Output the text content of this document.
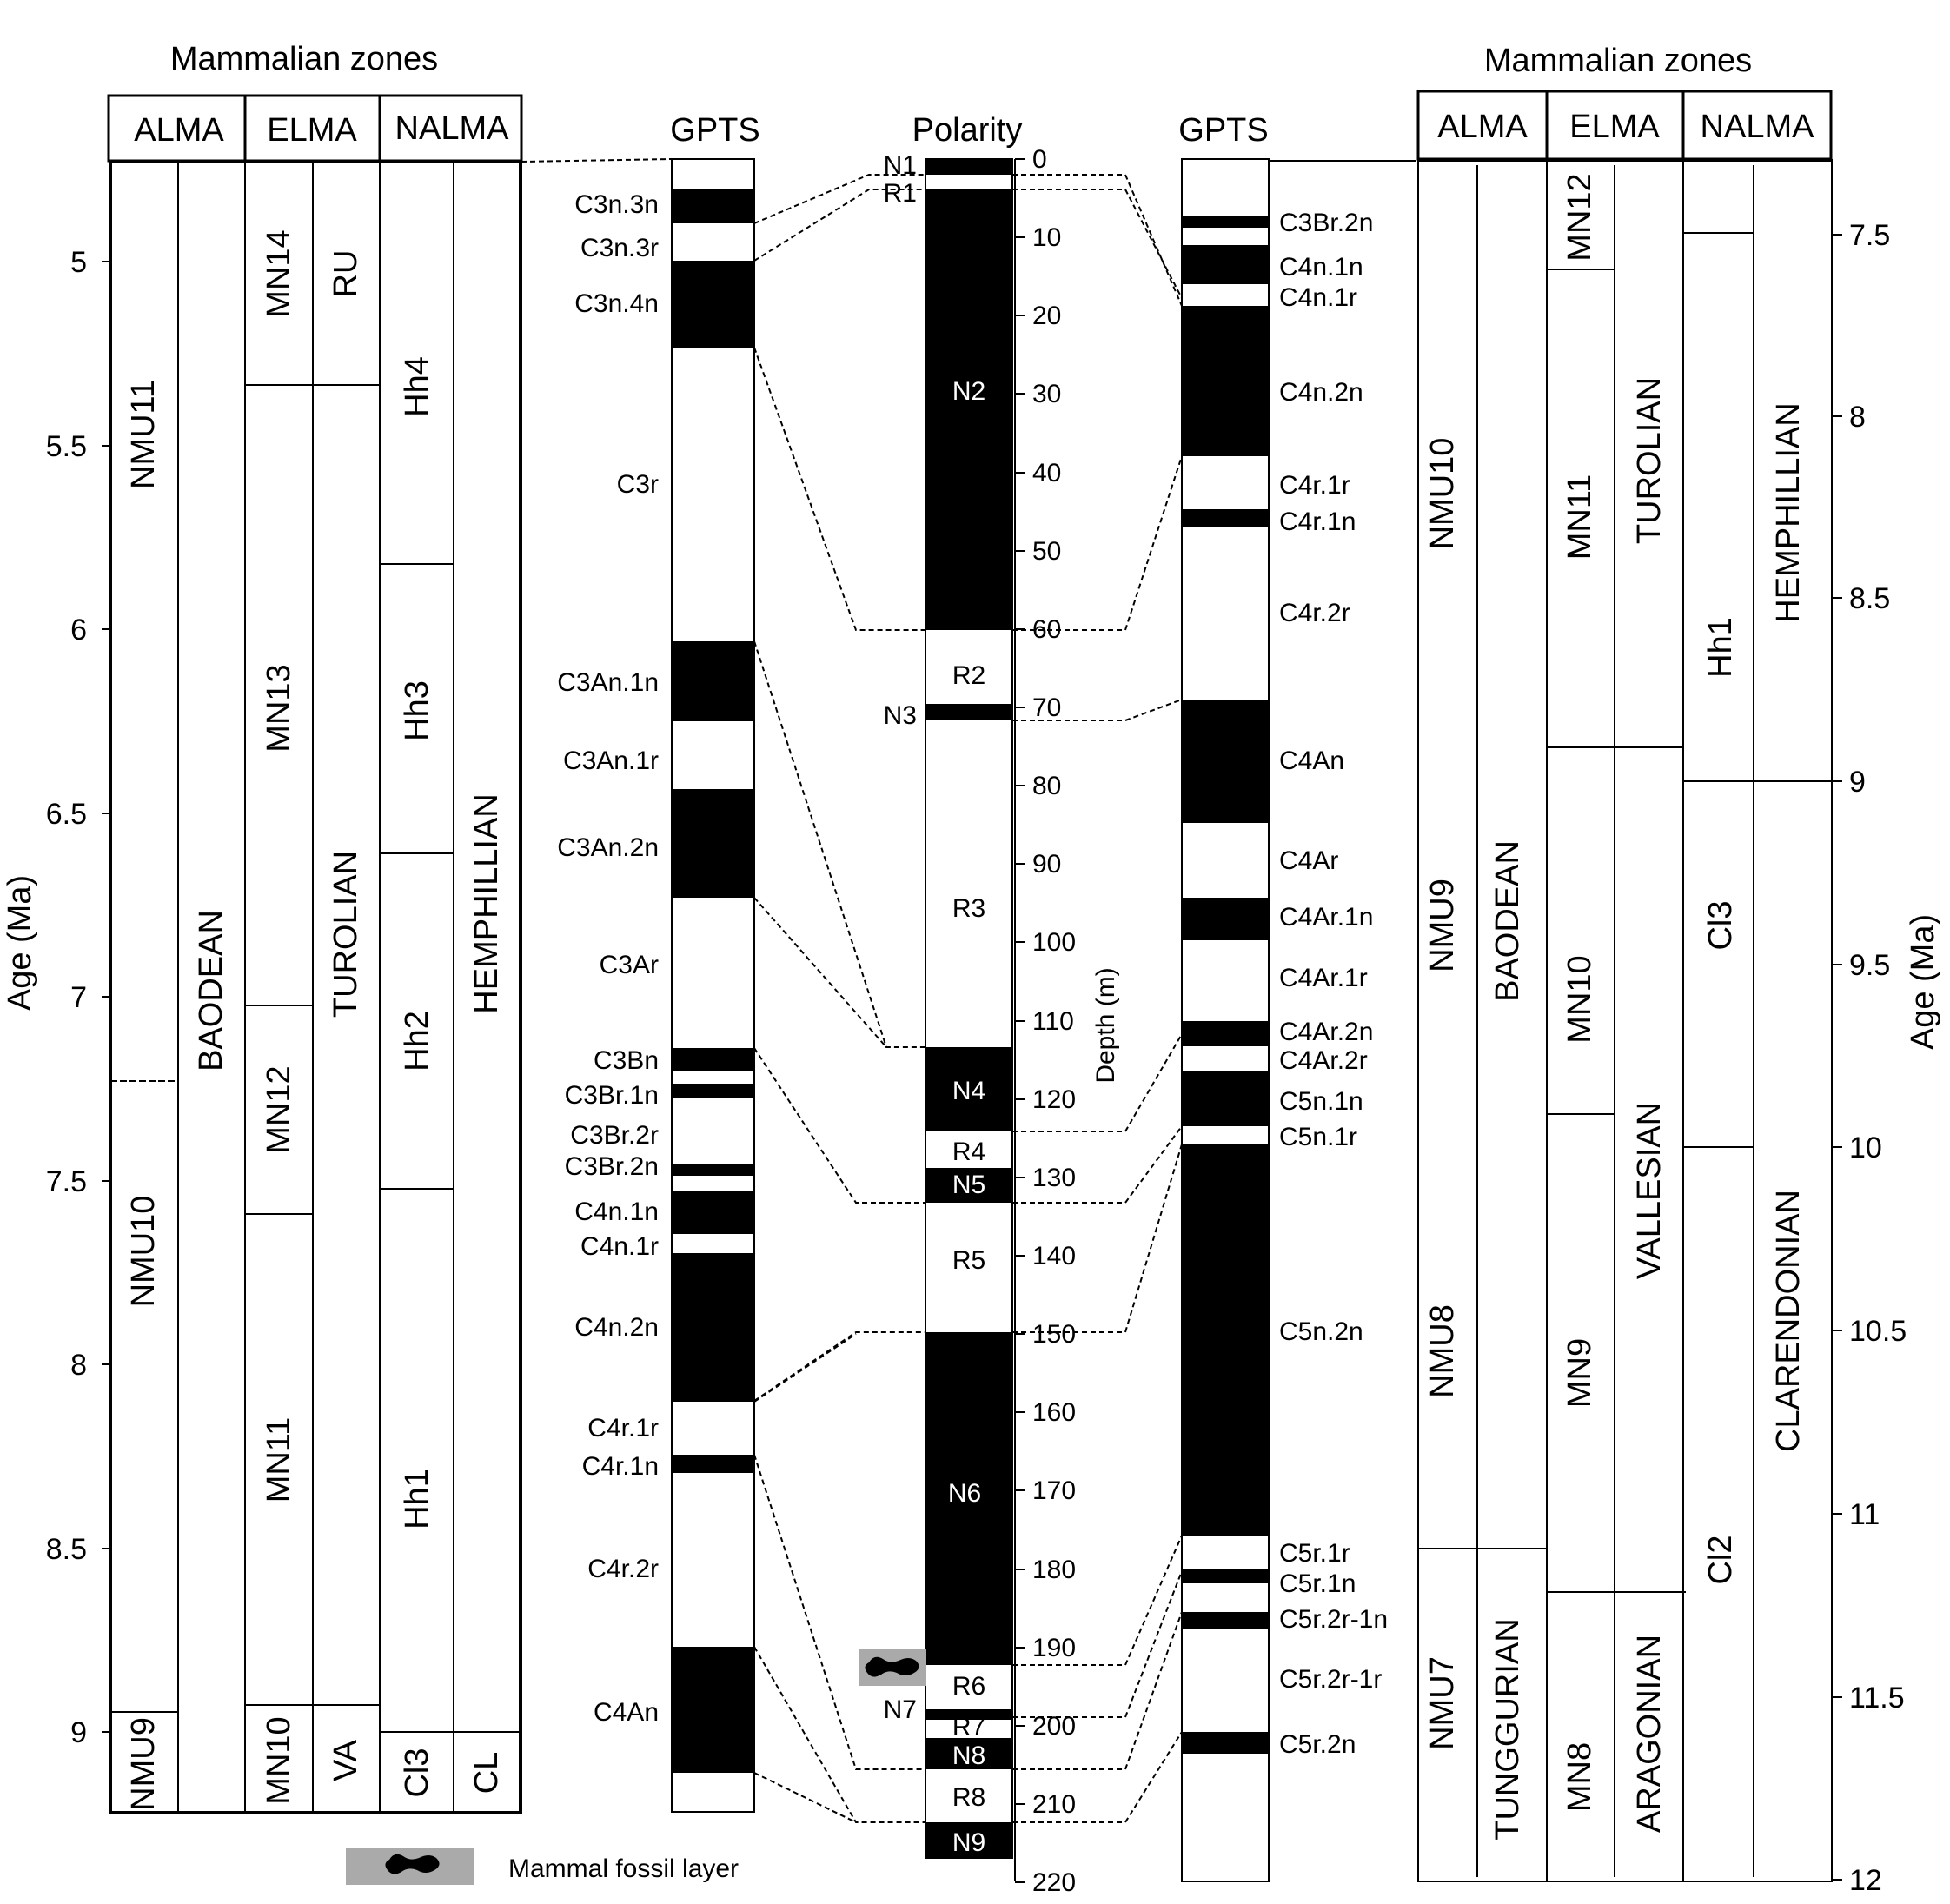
Mammalian zones
ALMA ELMA NALMA
NMU11
NMU10
NMU9
BAODEAN
MN14
MN13
MN12
MN11
MN10
RU
TUROLIAN
VA
Hh4
Hh3
Hh2
Hh1
Cl3
HEMPHILLIAN
CL
Age (Ma)
5
5.5
6
6.5
7
7.5
8
8.5
9
GPTS
C3n.3n
C3n.3r
C3n.4n
C3r
C3An.1n
C3An.1r
C3An.2n
C3Ar
C3Bn
C3Br.1n
C3Br.2r
C3Br.2n
C4n.1n
C4n.1r
C4n.2n
C4r.1r
C4r.1n
C4r.2r
C4An
Polarity
N1
R1
N2
R2
N3
R3
N4
R4
N5
R5
N6
N7
R6
R7
N8
R8
N9
0
10
20
30
40
50
60
70
80
90
100
110
120
130
140
150
160
170
180
190
200
210
220
Depth (m)
GPTS
C3Br.2n
C4n.1n
C4n.1r
C4n.2n
C4r.1r
C4r.1n
C4r.2r
C4An
C4Ar
C4Ar.1n
C4Ar.1r
C4Ar.2n
C4Ar.2r
C5n.1n
C5n.1r
C5n.2n
C5r.1r
C5r.1n
C5r.2r-1n
C5r.2r-1r
C5r.2n
Mammalian zones
ALMA ELMA NALMA
NMU10
NMU9
NMU8
NMU7
BAODEAN
TUNGGURIAN
MN12
MN11
MN10
MN9
MN8
TUROLIAN
VALLESIAN
ARAGONIAN
Hh1
Cl3
Cl2
HEMPHILLIAN
CLARENDONIAN
7.5
8
8.5
9
9.5
10
10.5
11
11.5
12
Age (Ma)
Mammal fossil layer
